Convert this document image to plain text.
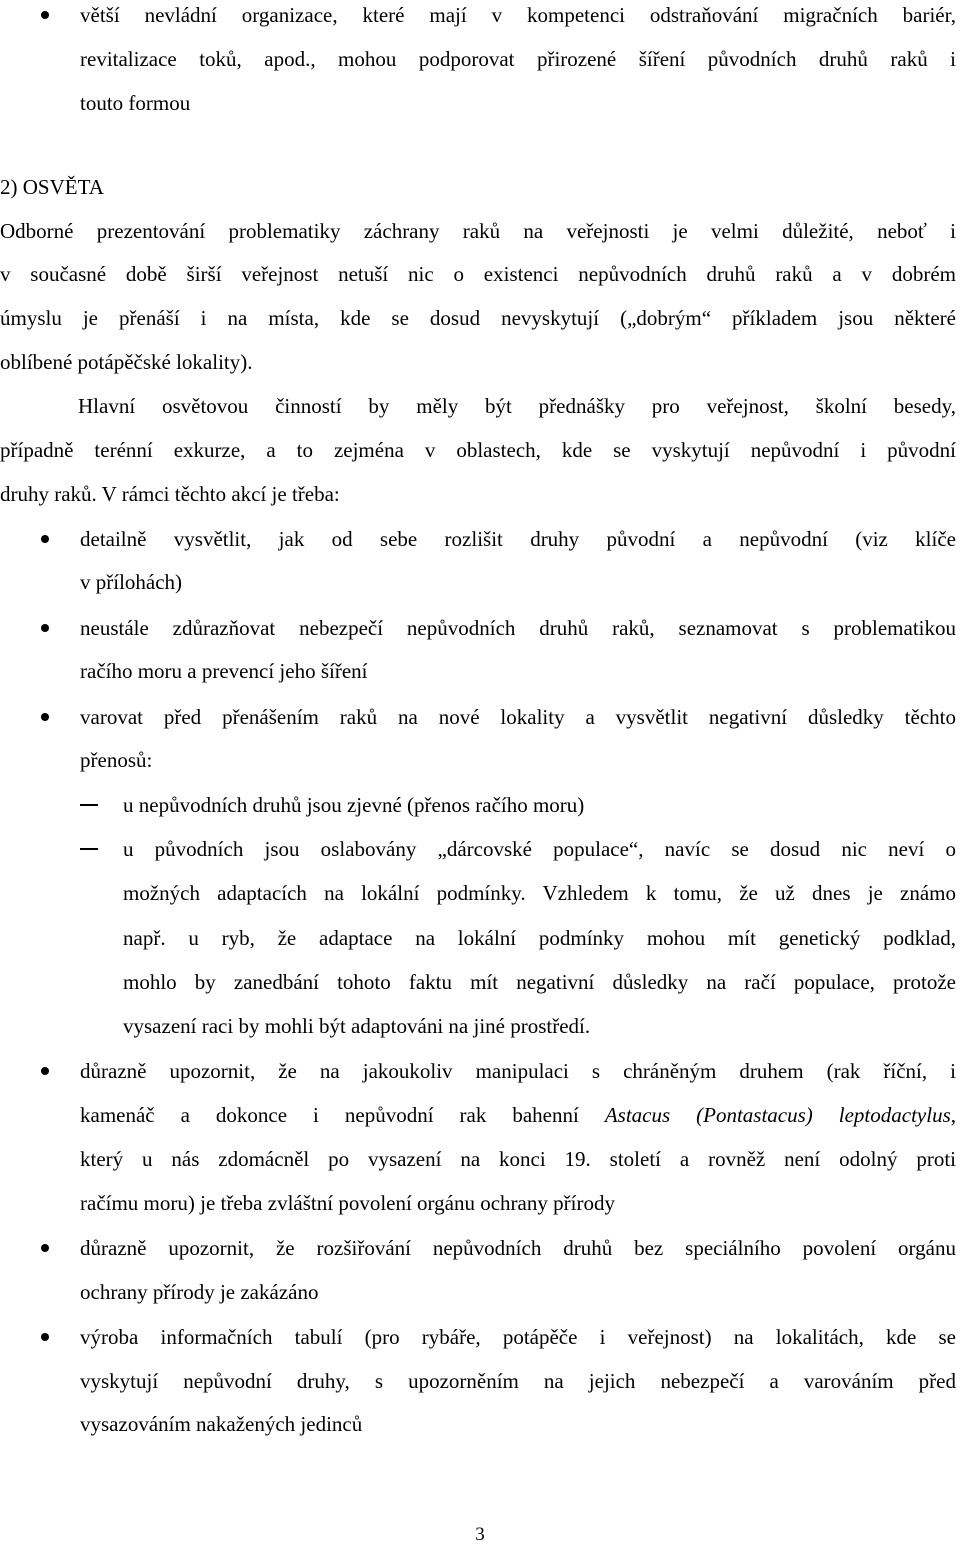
větší nevládní organizace, které mají v kompetenci odstraňování migračních bariér,
revitalizace toků, apod., mohou podporovat přirozené šíření původních druhů raků i
touto formou
2) OSVĚTA
Odborné prezentování problematiky záchrany raků na veřejnosti je velmi důležité, neboť i
v současné době širší veřejnost netuší nic o existenci nepůvodních druhů raků a v dobrém
úmyslu je přenáší i na místa, kde se dosud nevyskytují („dobrým“ příkladem jsou některé
oblíbené potápěčské lokality).
Hlavní osvětovou činností by měly být přednášky pro veřejnost, školní besedy,
případně terénní exkurze, a to zejména v oblastech, kde se vyskytují nepůvodní i původní
druhy raků. V rámci těchto akcí je třeba:
detailně vysvětlit, jak od sebe rozlišit druhy původní a nepůvodní (viz klíče
v přílohách)
neustále zdůrazňovat nebezpečí nepůvodních druhů raků, seznamovat s problematikou
račího moru a prevencí jeho šíření
varovat před přenášením raků na nové lokality a vysvětlit negativní důsledky těchto
přenosů:
u nepůvodních druhů jsou zjevné (přenos račího moru)
u původních jsou oslabovány „dárcovské populace“, navíc se dosud nic neví o
možných adaptacích na lokální podmínky. Vzhledem k tomu, že už dnes je známo
např. u ryb, že adaptace na lokální podmínky mohou mít genetický podklad,
mohlo by zanedbání tohoto faktu mít negativní důsledky na račí populace, protože
vysazení raci by mohli být adaptováni na jiné prostředí.
důrazně upozornit, že na jakoukoliv manipulaci s chráněným druhem (rak říční, i
kamenáč a dokonce i nepůvodní rak bahenní Astacus (Pontastacus) leptodactylus,
který u nás zdomácněl po vysazení na konci 19. století a rovněž není odolný proti
račímu moru) je třeba zvláštní povolení orgánu ochrany přírody
důrazně upozornit, že rozšiřování nepůvodních druhů bez speciálního povolení orgánu
ochrany přírody je zakázáno
výroba informačních tabulí (pro rybáře, potápěče i veřejnost) na lokalitách, kde se
vyskytují nepůvodní druhy, s upozorněním na jejich nebezpečí a varováním před
vysazováním nakažených jedinců
3
